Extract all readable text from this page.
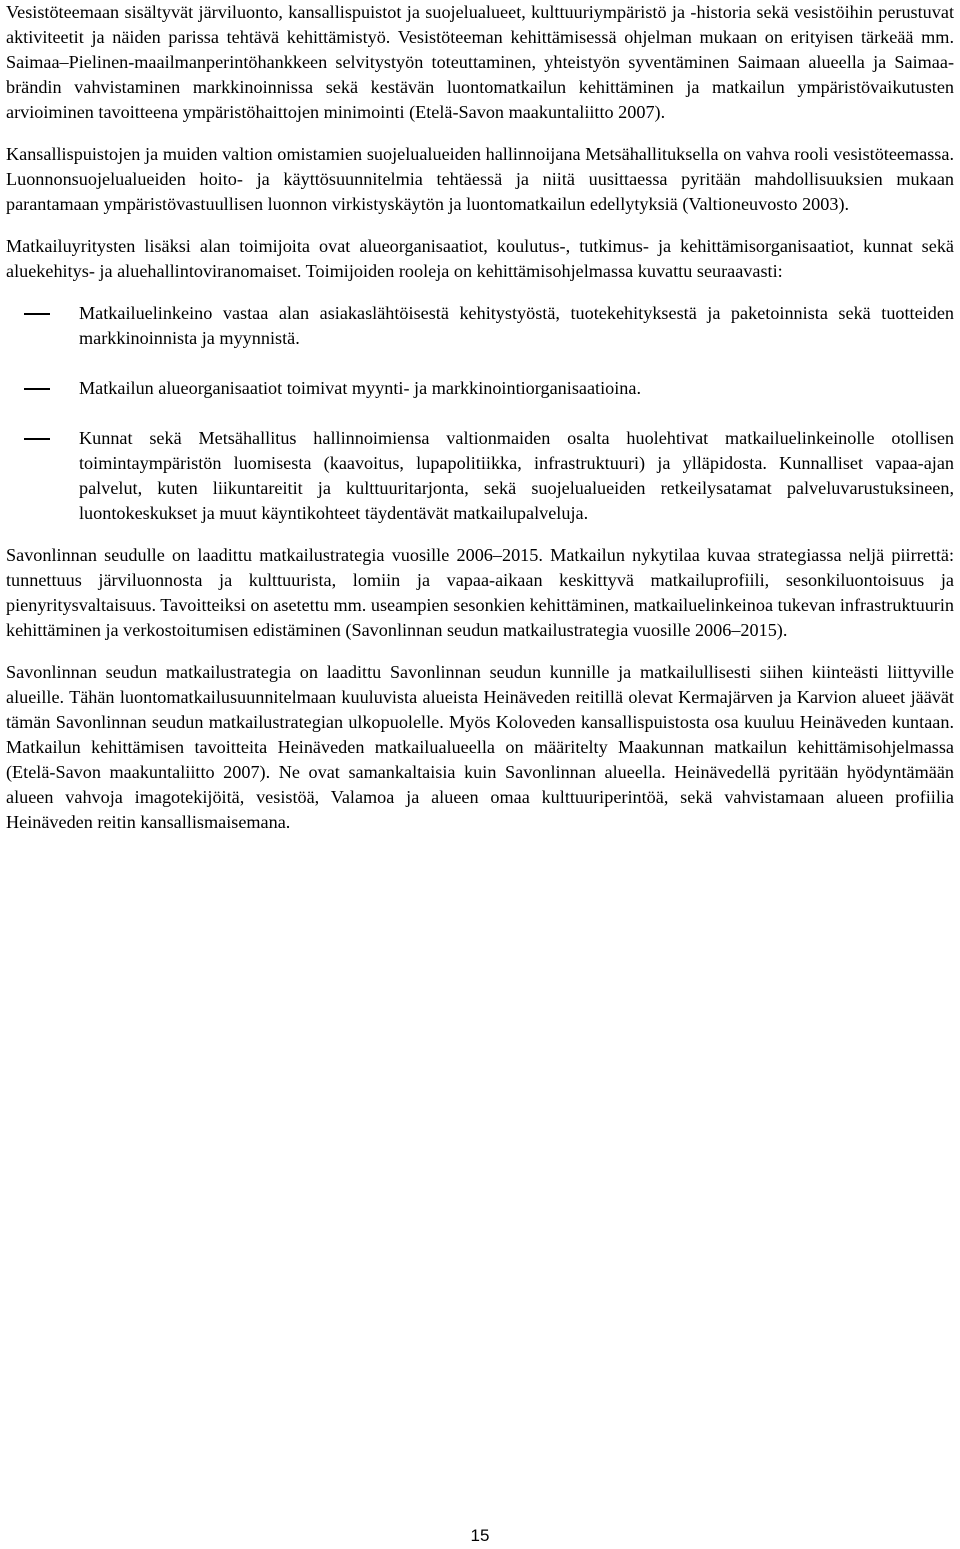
Vesistöteemaan sisältyvät järviluonto, kansallispuistot ja suojelualueet, kulttuuriympäristö ja -historia sekä vesistöihin perustuvat aktiviteetit ja näiden parissa tehtävä kehittämistyö. Vesistöteeman kehittämisessä ohjelman mukaan on erityisen tärkeää mm. Saimaa–Pielinen-maailmanperintöhankkeen selvitystyön toteuttaminen, yhteistyön syventäminen Saimaan alueella ja Saimaa-brändin vahvistaminen markkinoinnissa sekä kestävän luontomatkailun kehittäminen ja matkailun ympäristövaikutusten arvioiminen tavoitteena ympäristöhaittojen minimointi (Etelä-Savon maakuntaliitto 2007).

Kansallispuistojen ja muiden valtion omistamien suojelualueiden hallinnoijana Metsähallituksella on vahva rooli vesistöteemassa. Luonnonsuojelualueiden hoito- ja käyttösuunnitelmia tehtäessä ja niitä uusittaessa pyritään mahdollisuuksien mukaan parantamaan ympäristövastuullisen luonnon virkistyskäytön ja luontomatkailun edellytyksiä (Valtioneuvosto 2003).

Matkailuyritysten lisäksi alan toimijoita ovat alueorganisaatiot, koulutus-, tutkimus- ja kehittämisorganisaatiot, kunnat sekä aluekehitys- ja aluehallintoviranomaiset. Toimijoiden rooleja on kehittämisohjelmassa kuvattu seuraavasti:

Matkailuelinkeino vastaa alan asiakaslähtöisestä kehitystyöstä, tuotekehityksestä ja paketoinnista sekä tuotteiden markkinoinnista ja myynnistä.
Matkailun alueorganisaatiot toimivat myynti- ja markkinointiorganisaatioina.
Kunnat sekä Metsähallitus hallinnoimiensa valtionmaiden osalta huolehtivat matkailuelinkeinolle otollisen toimintaympäristön luomisesta (kaavoitus, lupapolitiikka, infrastruktuuri) ja ylläpidosta. Kunnalliset vapaa-ajan palvelut, kuten liikuntareitit ja kulttuuritarjonta, sekä suojelualueiden retkeilysatamat palveluvarustuksineen, luontokeskukset ja muut käyntikohteet täydentävät matkailupalveluja.

Savonlinnan seudulle on laadittu matkailustrategia vuosille 2006–2015. Matkailun nykytilaa kuvaa strategiassa neljä piirrettä: tunnettuus järviluonnosta ja kulttuurista, lomiin ja vapaa-aikaan keskittyvä matkailuprofiili, sesonkiluontoisuus ja pienyritysvaltaisuus. Tavoitteiksi on asetettu mm. useampien sesonkien kehittäminen, matkailuelinkeinoa tukevan infrastruktuurin kehittäminen ja verkostoitumisen edistäminen (Savonlinnan seudun matkailustrategia vuosille 2006–2015).

Savonlinnan seudun matkailustrategia on laadittu Savonlinnan seudun kunnille ja matkailullisesti siihen kiinteästi liittyville alueille. Tähän luontomatkailusuunnitelmaan kuuluvista alueista Heinäveden reitillä olevat Kermajärven ja Karvion alueet jäävät tämän Savonlinnan seudun matkailustrategian ulkopuolelle. Myös Koloveden kansallispuistosta osa kuuluu Heinäveden kuntaan. Matkailun kehittämisen tavoitteita Heinäveden matkailualueella on määritelty Maakunnan matkailun kehittämisohjelmassa (Etelä-Savon maakuntaliitto 2007). Ne ovat samankaltaisia kuin Savonlinnan alueella. Heinävedellä pyritään hyödyntämään alueen vahvoja imagotekijöitä, vesistöä, Valamoa ja alueen omaa kulttuuriperintöä, sekä vahvistamaan alueen profiilia Heinäveden reitin kansallismaisemana.

15
